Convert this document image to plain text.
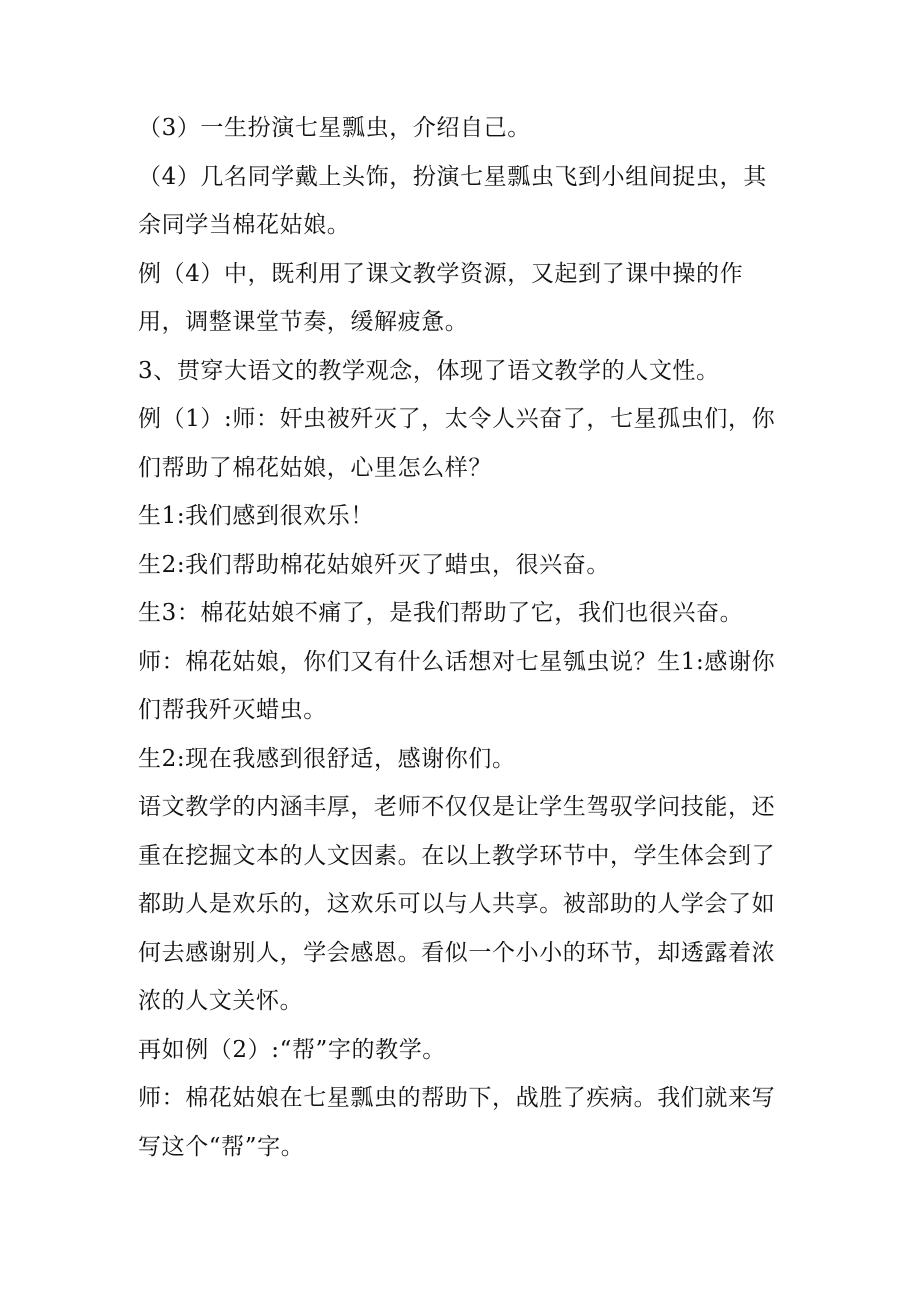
（3）一生扮演七星瓢虫，介绍自己。

（4）几名同学戴上头饰，扮演七星瓢虫飞到小组间捉虫，其余同学当棉花姑娘。

例（4）中，既利用了课文教学资源，又起到了课中操的作用，调整课堂节奏，缓解疲惫。

3、贯穿大语文的教学观念，体现了语文教学的人文性。

例（1）:师：奸虫被歼灭了，太令人兴奋了，七星孤虫们，你们帮助了棉花姑娘，心里怎么样？

生1:我们感到很欢乐！

生2:我们帮助棉花姑娘歼灭了蜡虫，很兴奋。

生3：棉花姑娘不痛了，是我们帮助了它，我们也很兴奋。师：棉花姑娘，你们又有什么话想对七星瓠虫说？生1:感谢你们帮我歼灭蜡虫。

生2:现在我感到很舒适，感谢你们。

语文教学的内涵丰厚，老师不仅仅是让学生驾驭学问技能，还重在挖掘文本的人文因素。在以上教学环节中，学生体会到了都助人是欢乐的，这欢乐可以与人共享。被部助的人学会了如何去感谢别人，学会感恩。看似一个小小的环节，却透露着浓浓的人文关怀。

再如例（2）:“帮”字的教学。

师：棉花姑娘在七星瓢虫的帮助下，战胜了疾病。我们就来写写这个“帮”字。
